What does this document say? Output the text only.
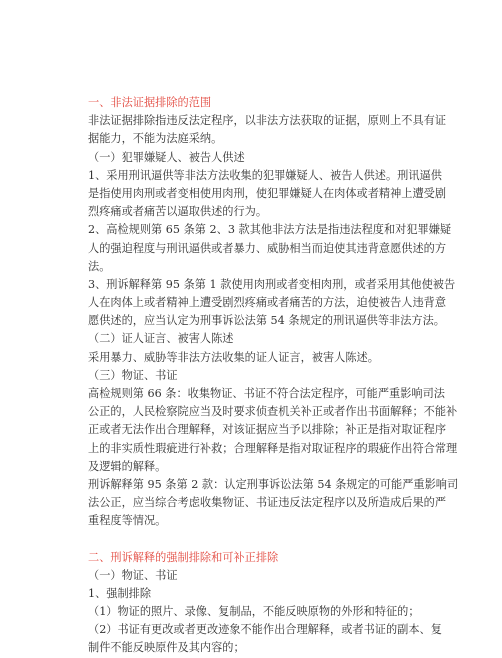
一、非法证据排除的范围
非法证据排除指违反法定程序，以非法方法获取的证据，原则上不具有证
据能力，不能为法庭采纳。
（一）犯罪嫌疑人、被告人供述
1、采用刑讯逼供等非法方法收集的犯罪嫌疑人、被告人供述。刑讯逼供
是指使用肉刑或者变相使用肉刑，使犯罪嫌疑人在肉体或者精神上遭受剧
烈疼痛或者痛苦以逼取供述的行为。
2、高检规则第 65 条第 2、3 款其他非法方法是指违法程度和对犯罪嫌疑
人的强迫程度与刑讯逼供或者暴力、威胁相当而迫使其违背意愿供述的方
法。
3、刑诉解释第 95 条第 1 款使用肉刑或者变相肉刑，或者采用其他使被告
人在肉体上或者精神上遭受剧烈疼痛或者痛苦的方法，迫使被告人违背意
愿供述的，应当认定为刑事诉讼法第 54 条规定的刑讯逼供等非法方法。
（二）证人证言、被害人陈述
采用暴力、威胁等非法方法收集的证人证言，被害人陈述。
（三）物证、书证
高检规则第 66 条：收集物证、书证不符合法定程序，可能严重影响司法
公正的，人民检察院应当及时要求侦查机关补正或者作出书面解释；不能补
正或者无法作出合理解释，对该证据应当予以排除；补正是指对取证程序
上的非实质性瑕疵进行补救；合理解释是指对取证程序的瑕疵作出符合常理
及逻辑的解释。
刑诉解释第 95 条第 2 款：认定刑事诉讼法第 54 条规定的可能严重影响司
法公正，应当综合考虑收集物证、书证违反法定程序以及所造成后果的严
重程度等情况。
二、刑诉解释的强制排除和可补正排除
（一）物证、书证
1、强制排除
（1）物证的照片、录像、复制品，不能反映原物的外形和特征的；
（2）书证有更改或者更改迹象不能作出合理解释，或者书证的副本、复
制件不能反映原件及其内容的；
